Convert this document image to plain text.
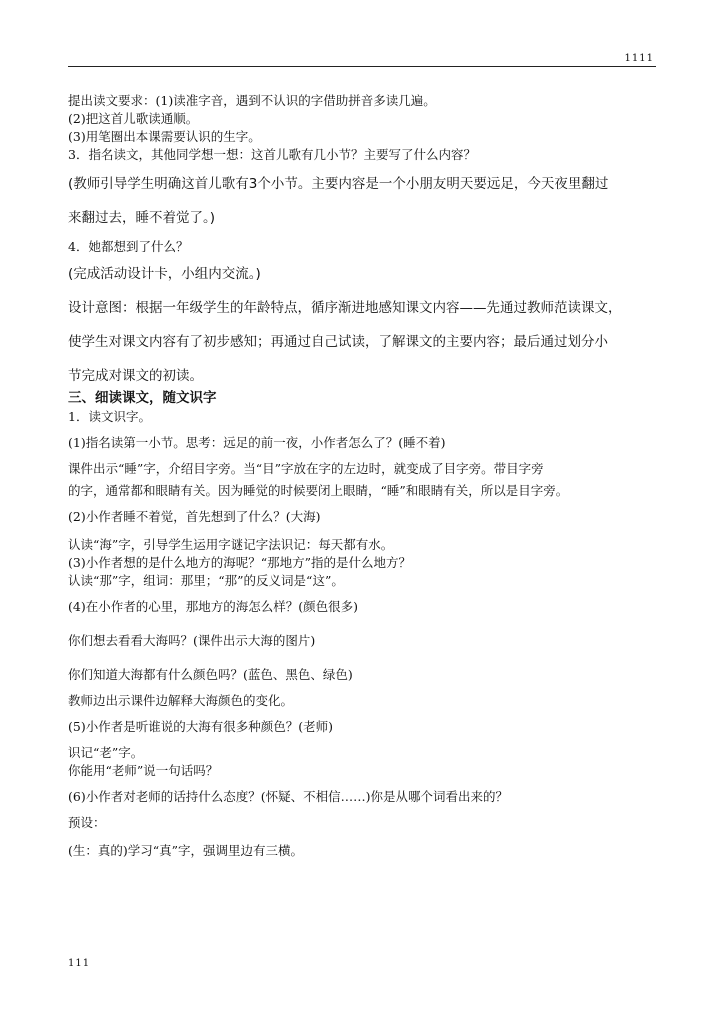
1111
提出读文要求：(1)读准字音，遇到不认识的字借助拼音多读几遍。
(2)把这首儿歌读通顺。
(3)用笔圈出本课需要认识的生字。
3．指名读文，其他同学想一想：这首儿歌有几小节？主要写了什么内容？
(教师引导学生明确这首儿歌有3个小节。主要内容是一个小朋友明天要远足，今天夜里翻过
来翻过去，睡不着觉了。)
4．她都想到了什么？
(完成活动设计卡，小组内交流。)
设计意图：根据一年级学生的年龄特点，循序渐进地感知课文内容——先通过教师范读课文，
使学生对课文内容有了初步感知；再通过自己试读，了解课文的主要内容；最后通过划分小
节完成对课文的初读。
三、细读课文，随文识字
1．读文识字。
(1)指名读第一小节。思考：远足的前一夜，小作者怎么了？(睡不着)
课件出示“睡”字，介绍目字旁。当“目”字放在字的左边时，就变成了目字旁。带目字旁
的字，通常都和眼睛有关。因为睡觉的时候要闭上眼睛，“睡”和眼睛有关，所以是目字旁。
(2)小作者睡不着觉，首先想到了什么？(大海)
认读“海”字，引导学生运用字谜记字法识记：每天都有水。
(3)小作者想的是什么地方的海呢？“那地方”指的是什么地方？
认读“那”字，组词：那里；“那”的反义词是“这”。
(4)在小作者的心里，那地方的海怎么样？(颜色很多)
你们想去看看大海吗？(课件出示大海的图片)
你们知道大海都有什么颜色吗？(蓝色、黑色、绿色)
教师边出示课件边解释大海颜色的变化。
(5)小作者是听谁说的大海有很多种颜色？(老师)
识记“老”字。
你能用“老师”说一句话吗？
(6)小作者对老师的话持什么态度？(怀疑、不相信……)你是从哪个词看出来的？
预设：
(生：真的)学习“真”字，强调里边有三横。
111
